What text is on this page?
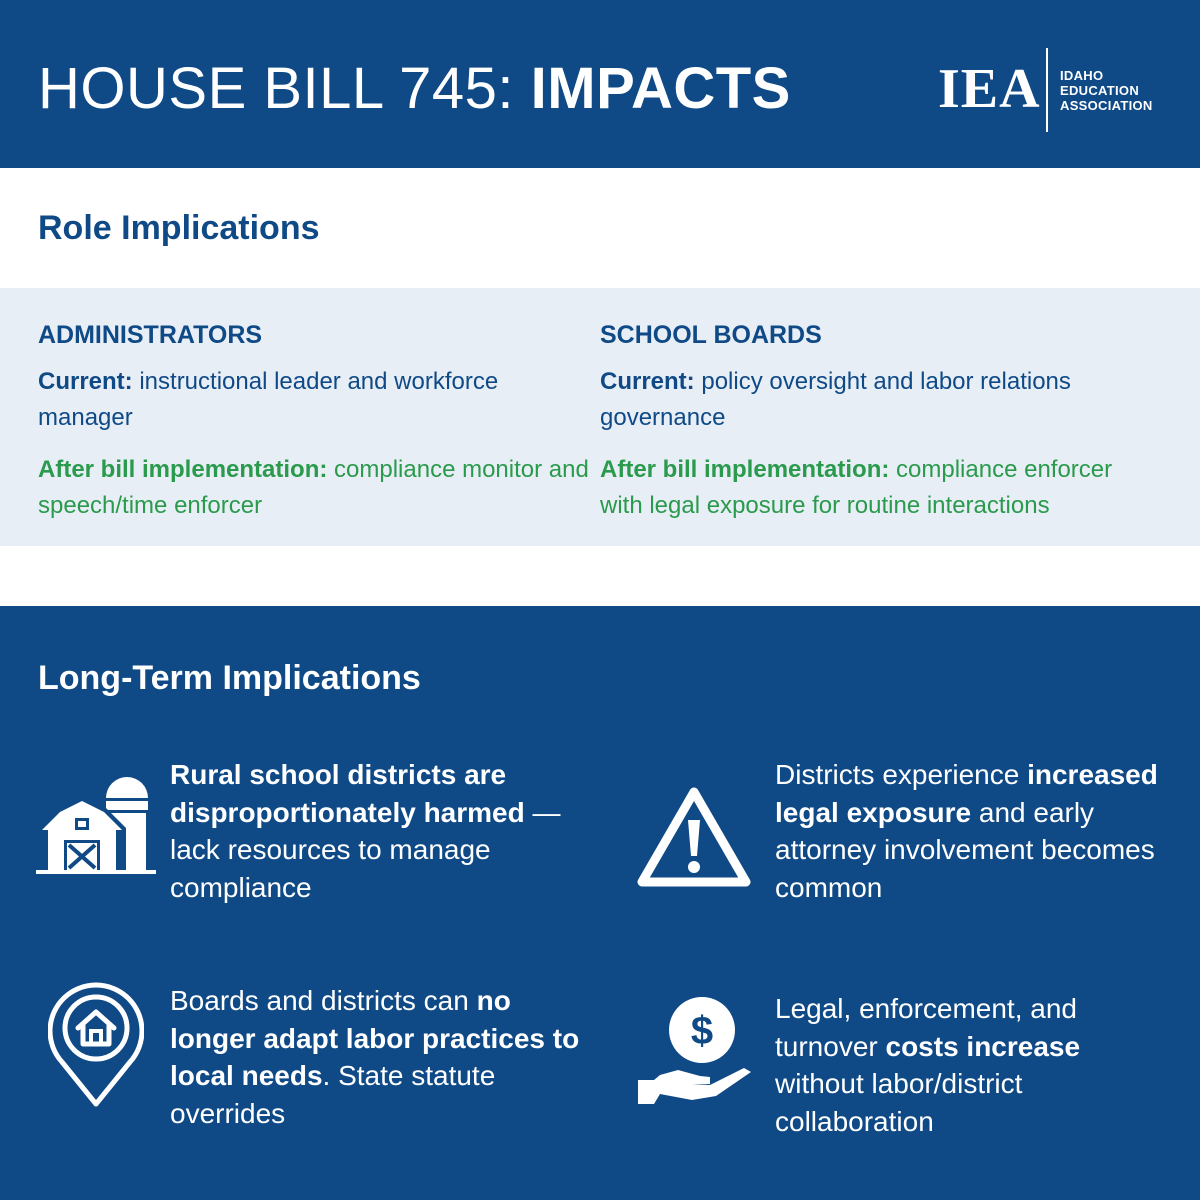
HOUSE BILL 745: IMPACTS	IEA IDAHO
EDUCATION
ASSOCIATION
Role Implications
ADMINISTRATORS
Current: instructional leader and workforce manager
After bill implementation: compliance monitor and speech/time enforcer
SCHOOL BOARDS
Current: policy oversight and labor relations governance
After bill implementation: compliance enforcer with legal exposure for routine interactions
Long-Term Implications
Rural school districts are disproportionately harmed — lack resources to manage compliance
Districts experience increased legal exposure and early attorney involvement becomes common
Boards and districts can no longer adapt labor practices to local needs. State statute overrides
$
Legal, enforcement, and turnover costs increase without labor/district collaboration
